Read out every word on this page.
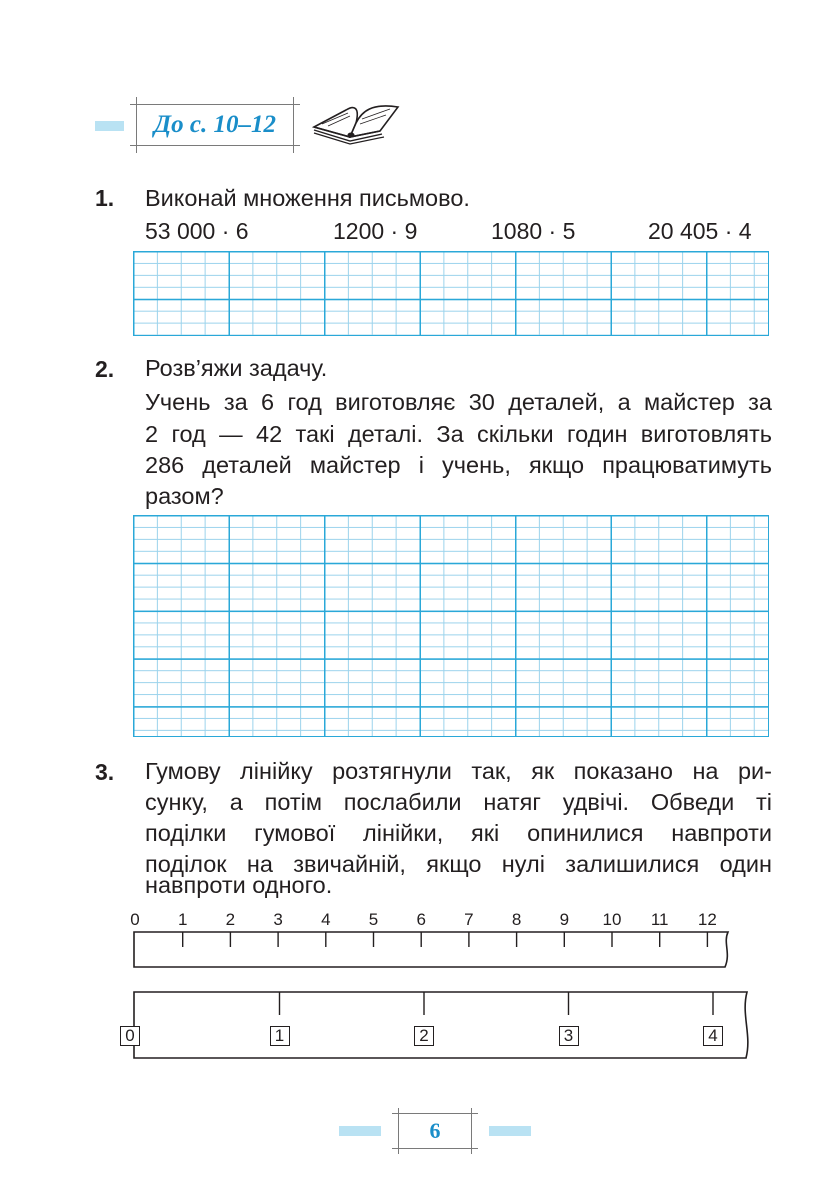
До с. 10–12
1. Виконай множення письмово.
53 000 · 6	1200 · 9	1080 · 5	20 405 · 4
2. Розв’яжи задачу.
Учень за 6 год виготовляє 30 деталей, а майстер за
2 год — 42 такі деталі. За скільки годин виготовлять
286 деталей майстер і учень, якщо працюватимуть
разом?
3. Гумову лінійку розтягнули так, як показано на ри-
сунку, а потім послабили натяг удвічі. Обведи ті
поділки гумової лінійки, які опинилися навпроти
поділок на звичайній, якщо нулі залишилися один
навпроти одного.
0	1	2	3	4	5	6	7	8	9	10	11	12
0	1	2	3	4
6
